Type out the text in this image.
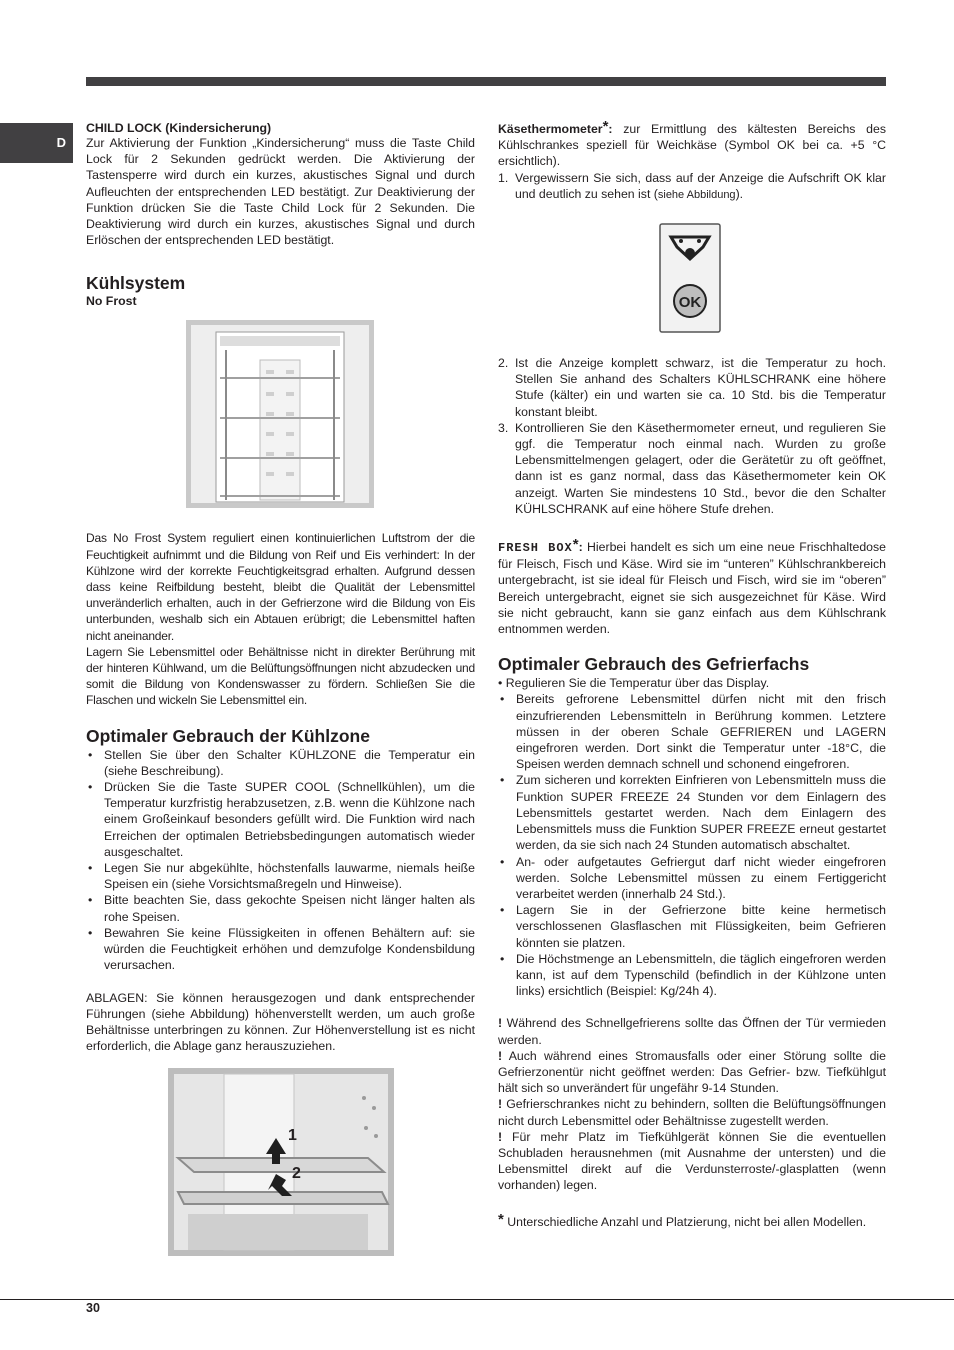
D
CHILD LOCK (Kindersicherung)

Zur Aktivierung der Funktion „Kindersicherung“ muss die Taste Child Lock für 2 Sekunden gedrückt werden. Die Aktivierung der Tastensperre wird durch ein kurzes, akustisches Signal und durch Aufleuchten der entsprechenden LED bestätigt. Zur Deaktivierung der Funktion drücken Sie die Taste Child Lock für 2 Sekunden. Die Deaktivierung wird durch ein kurzes, akustisches Signal und durch Erlöschen der entsprechenden LED bestätigt.

Kühlsystem
No Frost

Das No Frost System reguliert einen kontinuierlichen Luftstrom der die Feuchtigkeit aufnimmt und die Bildung von Reif und Eis verhindert: In der Kühlzone wird der korrekte Feuchtigkeitsgrad erhalten. Aufgrund dessen dass keine Reifbildung besteht, bleibt die Qualität der Lebensmittel unveränderlich erhalten, auch in der Gefrierzone wird die Bildung von Eis unterbunden, weshalb sich ein Abtauen erübrigt; die Lebensmittel haften nicht aneinander.

Lagern Sie Lebensmittel oder Behältnisse nicht in direkter Berührung mit der hinteren Kühlwand, um die Belüftungsöffnungen nicht abzudecken und somit die Bildung von Kondenswasser zu fördern. Schließen Sie die Flaschen und wickeln Sie Lebensmittel ein.

Optimaler Gebrauch der Kühlzone
• Stellen Sie über den Schalter KÜHLZONE die Temperatur ein (siehe Beschreibung).
• Drücken Sie die Taste SUPER COOL (Schnellkühlen), um die Temperatur kurzfristig herabzusetzen, z.B. wenn die Kühlzone nach einem Großeinkauf besonders gefüllt wird. Die Funktion wird nach Erreichen der optimalen Betriebsbedingungen automatisch wieder ausgeschaltet.
• Legen Sie nur abgekühlte, höchstenfalls lauwarme, niemals heiße Speisen ein (siehe Vorsichtsmaßregeln und Hinweise).
• Bitte beachten Sie, dass gekochte Speisen nicht länger halten als rohe Speisen.
• Bewahren Sie keine Flüssigkeiten in offenen Behältern auf: sie würden die Feuchtigkeit erhöhen und demzufolge Kondensbildung verursachen.

ABLAGEN: Sie können herausgezogen und dank entsprechender Führungen (siehe Abbildung) höhenverstellt werden, um auch große Behältnisse unterbringen zu können. Zur Höhenverstellung ist es nicht erforderlich, die Ablage ganz herauszuziehen.

1
2

Käsethermometer*: zur Ermittlung des kältesten Bereichs des Kühlschrankes speziell für Weichkäse (Symbol OK bei ca. +5 °C ersichtlich).

1. Vergewissern Sie sich, dass auf der Anzeige die Aufschrift OK klar und deutlich zu sehen ist (siehe Abbildung).
OK
2. Ist die Anzeige komplett schwarz, ist die Temperatur zu hoch. Stellen Sie anhand des Schalters KÜHLSCHRANK eine höhere Stufe (kälter) ein und warten sie ca. 10 Std. bis die Temperatur konstant bleibt.
3. Kontrollieren Sie den Käsethermometer erneut, und regulieren Sie ggf. die Temperatur noch einmal nach. Wurden zu große Lebensmittelmengen gelagert, oder die Gerätetür zu oft geöffnet, dann ist es ganz normal, dass das Käsethermometer kein OK anzeigt. Warten Sie mindestens 10 Std., bevor die den Schalter KÜHLSCHRANK auf eine höhere Stufe drehen.

FRESH BOX*: Hierbei handelt es sich um eine neue Frischhaltedose für Fleisch, Fisch und Käse. Wird sie im “unteren” Kühlschrankbereich untergebracht, ist sie ideal für Fleisch und Fisch, wird sie im “oberen” Bereich untergebracht, eignet sie sich ausgezeichnet für Käse. Wird sie nicht gebraucht, kann sie ganz einfach aus dem Kühlschrank entnommen werden.

Optimaler Gebrauch des Gefrierfachs
• Regulieren Sie die Temperatur über das Display.
• Bereits gefrorene Lebensmittel dürfen nicht mit den frisch einzufrierenden Lebensmitteln in Berührung kommen. Letztere müssen in der oberen Schale GEFRIEREN und LAGERN eingefroren werden. Dort sinkt die Temperatur unter -18°C, die Speisen werden demnach schnell und schonend eingefroren.
• Zum sicheren und korrekten Einfrieren von Lebensmitteln muss die Funktion SUPER FREEZE 24 Stunden vor dem Einlagern des Lebensmittels gestartet werden. Nach dem Einlagern des Lebensmittels muss die Funktion SUPER FREEZE erneut gestartet werden, da sie sich nach 24 Stunden automatisch abschaltet.
• An- oder aufgetautes Gefriergut darf nicht wieder eingefroren werden. Solche Lebensmittel müssen zu einem Fertiggericht verarbeitet werden (innerhalb 24 Std.).
• Lagern Sie in der Gefrierzone bitte keine hermetisch verschlossenen Glasflaschen mit Flüssigkeiten, beim Gefrieren könnten sie platzen.
• Die Höchstmenge an Lebensmitteln, die täglich eingefroren werden kann, ist auf dem Typenschild (befindlich in der Kühlzone unten links) ersichtlich (Beispiel: Kg/24h 4).

! Während des Schnellgefrierens sollte das Öffnen der Tür vermieden werden.

! Auch während eines Stromausfalls oder einer Störung sollte die Gefrierzonentür nicht geöffnet werden: Das Gefrier- bzw. Tiefkühlgut hält sich so unverändert für ungefähr 9-14 Stunden.

! Gefrierschrankes nicht zu behindern, sollten die Belüftungsöffnungen nicht durch Lebensmittel oder Behältnisse zugestellt werden.

! Für mehr Platz im Tiefkühlgerät können Sie die eventuellen Schubladen herausnehmen (mit Ausnahme der untersten) und die Lebensmittel direkt auf die Verdunsterroste/-glasplatten (wenn vorhanden) legen.

* Unterschiedliche Anzahl und Platzierung, nicht bei allen Modellen.

30
